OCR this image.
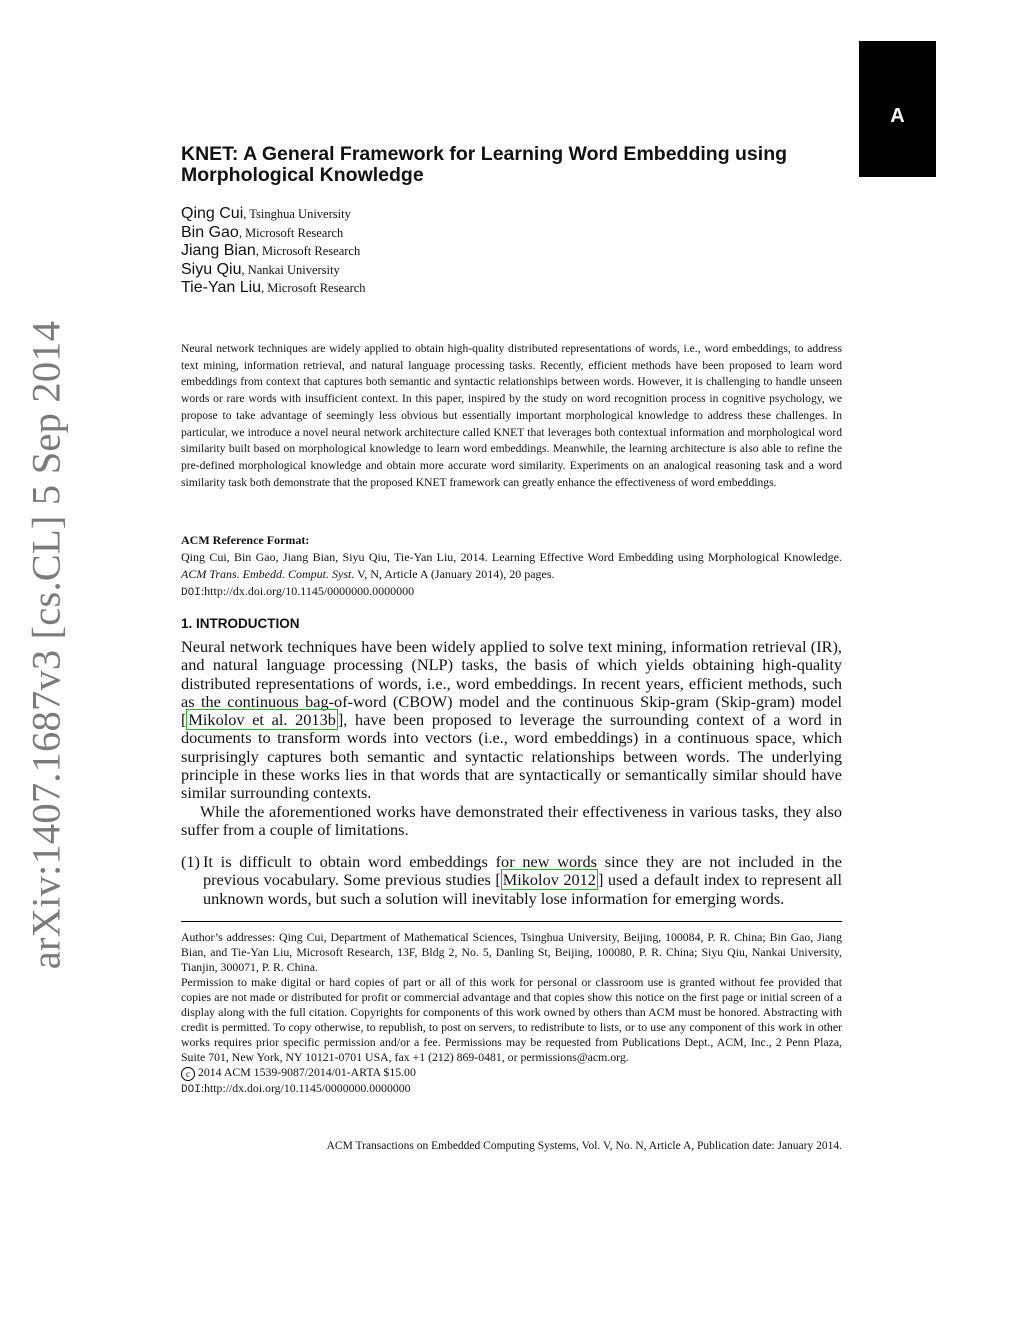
arXiv:1407.1687v3 [cs.CL] 5 Sep 2014
A
KNET: A General Framework for Learning Word Embedding using Morphological Knowledge
Qing Cui, Tsinghua University
Bin Gao, Microsoft Research
Jiang Bian, Microsoft Research
Siyu Qiu, Nankai University
Tie-Yan Liu, Microsoft Research
Neural network techniques are widely applied to obtain high-quality distributed representations of words, i.e., word embeddings, to address text mining, information retrieval, and natural language processing tasks. Recently, efficient methods have been proposed to learn word embeddings from context that captures both semantic and syntactic relationships between words. However, it is challenging to handle unseen words or rare words with insufficient context. In this paper, inspired by the study on word recognition process in cognitive psychology, we propose to take advantage of seemingly less obvious but essentially important morphological knowledge to address these challenges. In particular, we introduce a novel neural network architecture called KNET that leverages both contextual information and morphological word similarity built based on morphological knowledge to learn word embeddings. Meanwhile, the learning architecture is also able to refine the pre-defined morphological knowledge and obtain more accurate word similarity. Experiments on an analogical reasoning task and a word similarity task both demonstrate that the proposed KNET framework can greatly enhance the effectiveness of word embeddings.
ACM Reference Format:
Qing Cui, Bin Gao, Jiang Bian, Siyu Qiu, Tie-Yan Liu, 2014. Learning Effective Word Embedding using Morphological Knowledge. ACM Trans. Embedd. Comput. Syst. V, N, Article A (January 2014), 20 pages.
DOI:http://dx.doi.org/10.1145/0000000.0000000
1. INTRODUCTION

Neural network techniques have been widely applied to solve text mining, information retrieval (IR), and natural language processing (NLP) tasks, the basis of which yields obtaining high-quality distributed representations of words, i.e., word embeddings. In recent years, efficient methods, such as the continuous bag-of-word (CBOW) model and the continuous Skip-gram (Skip-gram) model [ Mikolov et al. 2013b ], have been proposed to leverage the surrounding context of a word in documents to transform words into vectors (i.e., word embeddings) in a continuous space, which surprisingly captures both semantic and syntactic relationships between words. The underlying principle in these works lies in that words that are syntactically or semantically similar should have similar surrounding contexts.

While the aforementioned works have demonstrated their effectiveness in various tasks, they also suffer from a couple of limitations.

(1) It is difficult to obtain word embeddings for new words since they are not included in the previous vocabulary. Some previous studies [ Mikolov 2012 ] used a default index to represent all unknown words, but such a solution will inevitably lose information for emerging words.

Author’s addresses: Qing Cui, Department of Mathematical Sciences, Tsinghua University, Beijing, 100084, P. R. China; Bin Gao, Jiang Bian, and Tie-Yan Liu, Microsoft Research, 13F, Bldg 2, No. 5, Danling St, Beijing, 100080, P. R. China; Siyu Qiu, Nankai University, Tianjin, 300071, P. R. China.

Permission to make digital or hard copies of part or all of this work for personal or classroom use is granted without fee provided that copies are not made or distributed for profit or commercial advantage and that copies show this notice on the first page or initial screen of a display along with the full citation. Copyrights for components of this work owned by others than ACM must be honored. Abstracting with credit is permitted. To copy otherwise, to republish, to post on servers, to redistribute to lists, or to use any component of this work in other works requires prior specific permission and/or a fee. Permissions may be requested from Publications Dept., ACM, Inc., 2 Penn Plaza, Suite 701, New York, NY 10121-0701 USA, fax +1 (212) 869-0481, or permissions@acm.org.

c 2014 ACM 1539-9087/2014/01-ARTA $15.00

DOI:http://dx.doi.org/10.1145/0000000.0000000

ACM Transactions on Embedded Computing Systems, Vol. V, No. N, Article A, Publication date: January 2014.
